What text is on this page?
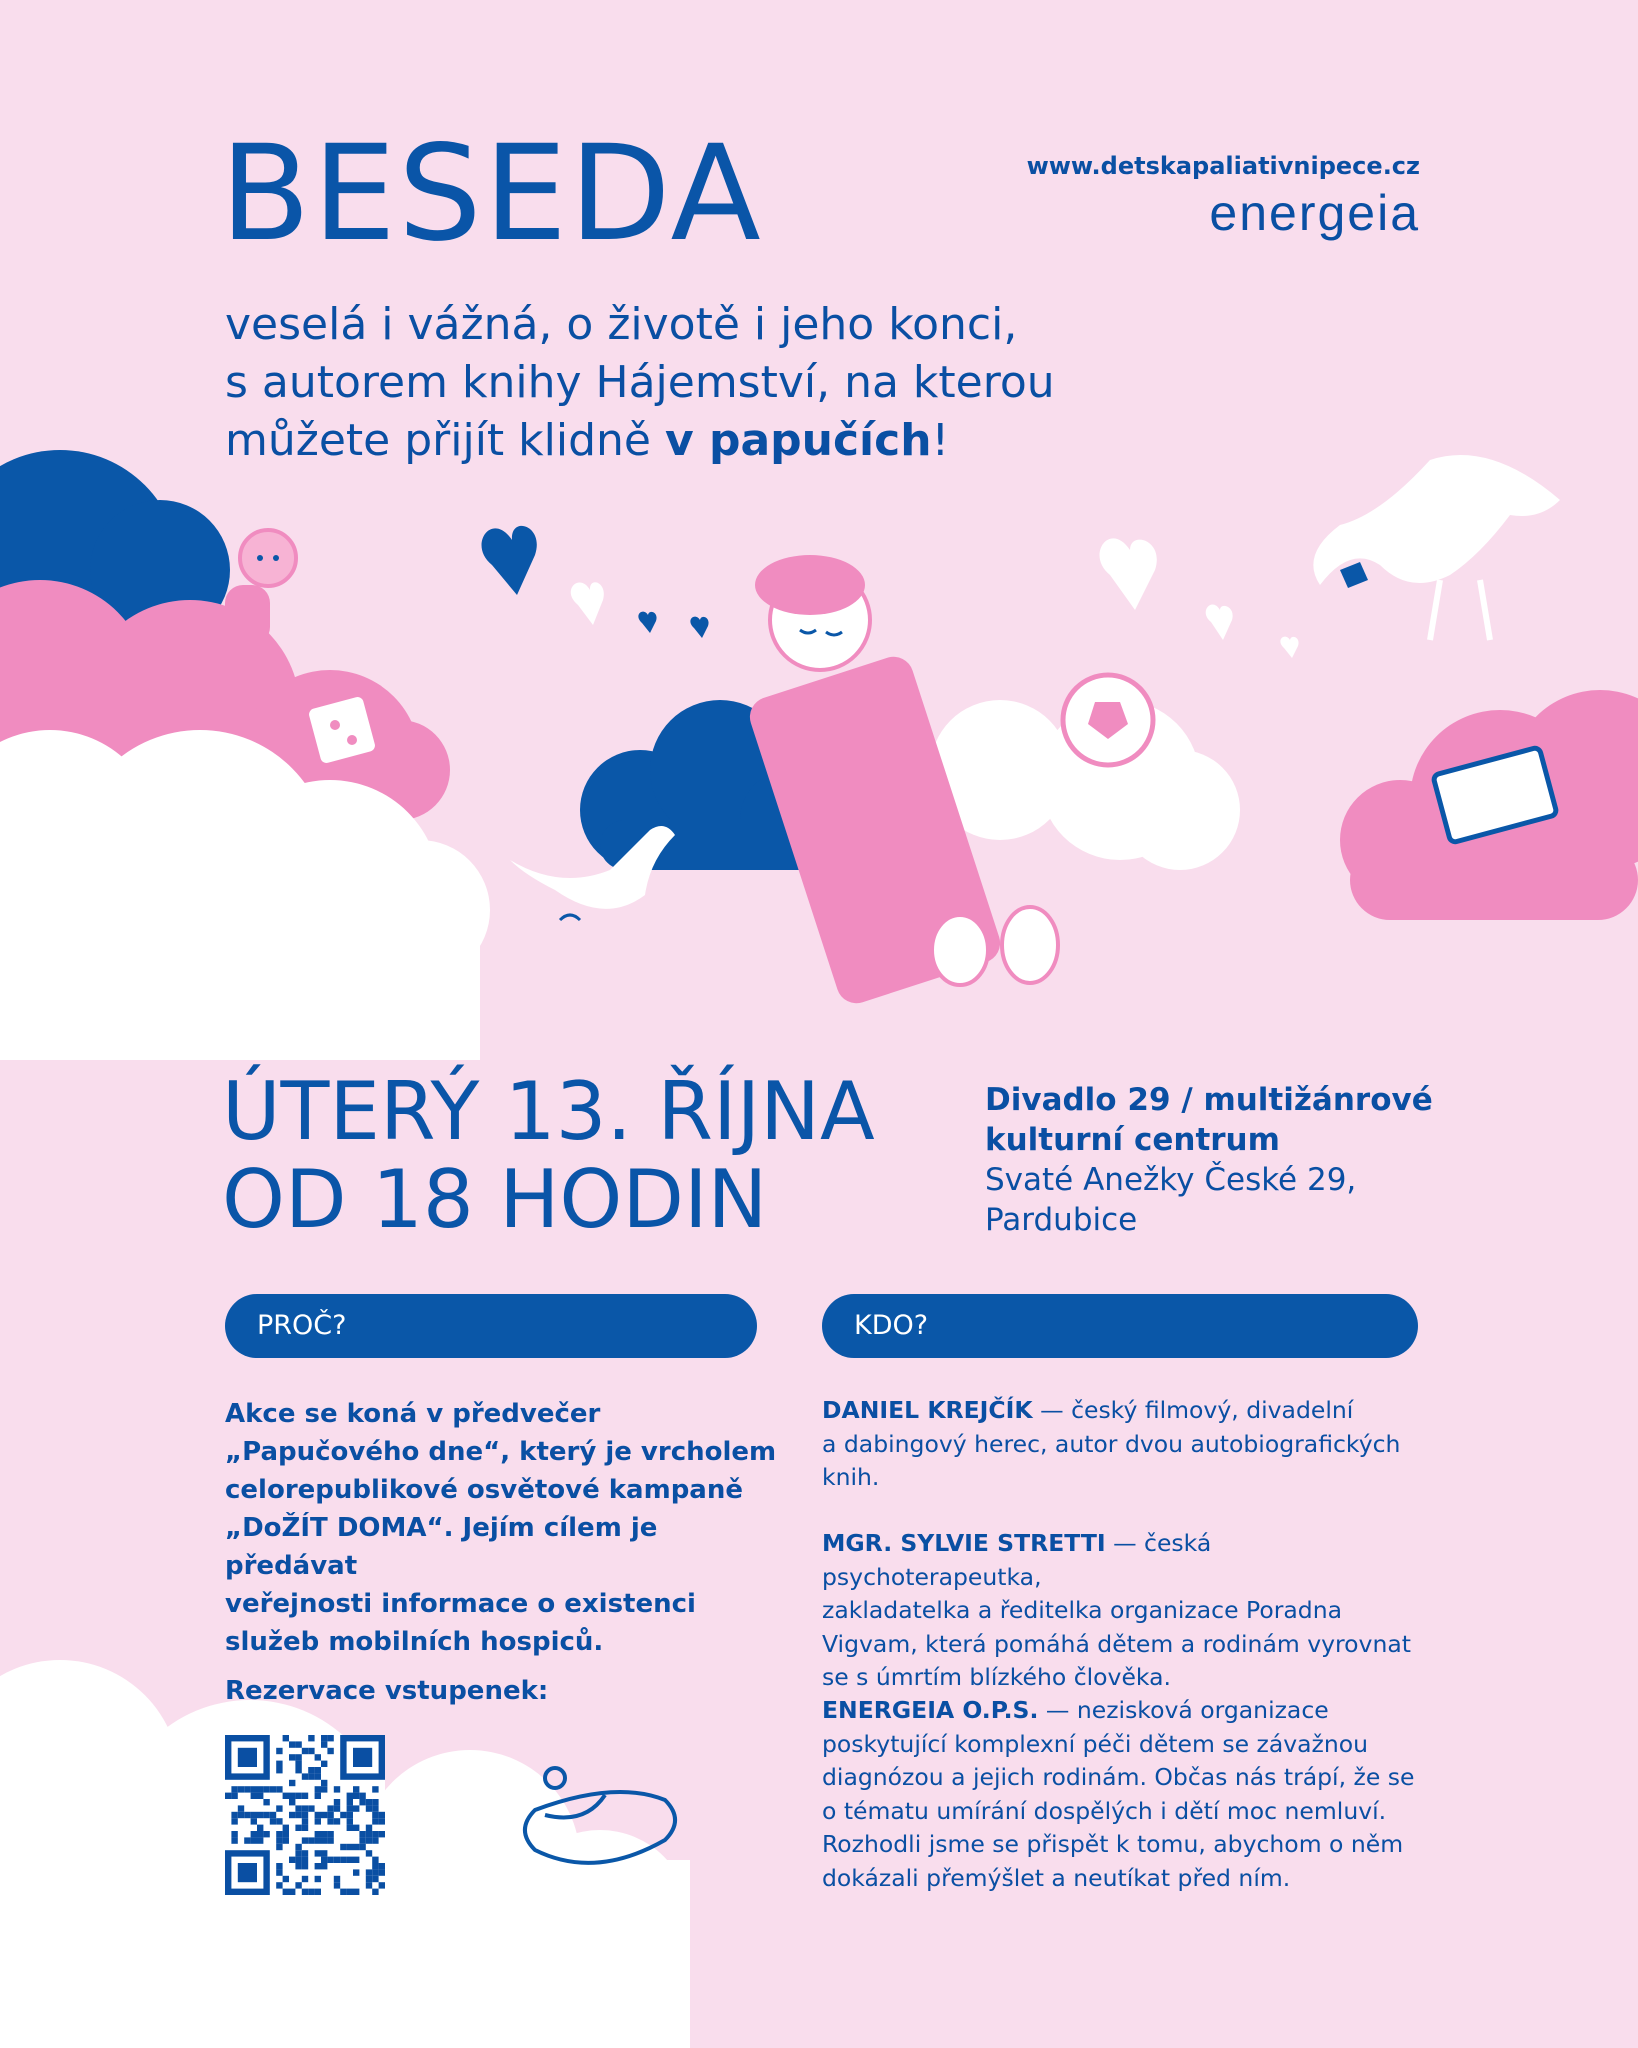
BESEDA	www.detskapaliativnipece.cz
energeia
veselá i vážná, o životě i jeho konci,
s autorem knihy Hájemství, na kterou
můžete přijít klidně v papučích!
ÚTERÝ 13. ŘÍJNA
OD 18 HODIN
Divadlo 29 / multižánrové
kulturní centrum
Svaté Anežky České 29,
Pardubice
PROČ?	KDO?
Akce se koná v předvečer
„Papučového dne“, který je vrcholem
celorepublikové osvětové kampaně
„DoŽÍT DOMA“. Jejím cílem je předávat
veřejnosti informace o existenci
služeb mobilních hospiců.
Rezervace vstupenek:
DANIEL KREJČÍK — český filmový, divadelní
a dabingový herec, autor dvou autobiografických
knih.
MGR. SYLVIE STRETTI — česká psychoterapeutka,
zakladatelka a ředitelka organizace Poradna
Vigvam, která pomáhá dětem a rodinám vyrovnat
se s úmrtím blízkého člověka.
ENERGEIA O.P.S. — nezisková organizace
poskytující komplexní péči dětem se závažnou
diagnózou a jejich rodinám. Občas nás trápí, že se
o tématu umírání dospělých i dětí moc nemluví.
Rozhodli jsme se přispět k tomu, abychom o něm
dokázali přemýšlet a neutíkat před ním.
